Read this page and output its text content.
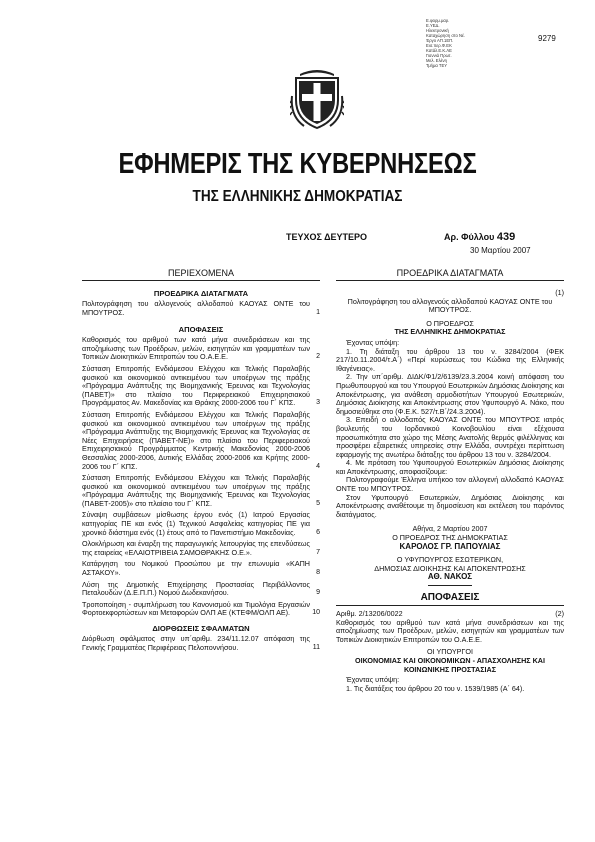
Ε.φορμ.μαρ.
Ε.ΥΕΔ.
Ηλεκτρονική
Καταχώρηση στο Νέ.
Έργο ΑΠ.1ΕΠ.
Εισ.περ.Φ.ΕΚ
Κατάλ.Ε.Κ.ΛΕ
Γιαννιά Πρωτ.
Μελ. Ελένη
Τμήμα ΤΕΥ
9279
ΕΦΗΜΕΡΙΣ ΤΗΣ ΚΥΒΕΡΝΗΣΕΩΣ
ΤΗΣ ΕΛΛΗΝΙΚΗΣ ΔΗΜΟΚΡΑΤΙΑΣ
ΤΕΥΧΟΣ ΔΕΥΤΕΡΟ	Αρ. Φύλλου 439
30 Μαρτίου 2007
ΠΕΡΙΕΧΟΜΕΝΑ
ΠΡΟΕΔΡΙΚΑ ΔΙΑΤΑΓΜΑΤΑ
Πολιτογράφηση του αλλογενούς αλλοδαπού ΚΑΟΥΑΣ ΟΝΤΕ του ΜΠΟΥΤΡΟΣ.	1
ΑΠΟΦΑΣΕΙΣ
Καθορισμός του αριθμού των κατά μήνα συνεδριάσεων και της αποζημίωσης των Προέδρων, μελών, εισηγητών και γραμματέων των Τοπικών Διοικητικών Επιτροπών του Ο.Α.Ε.Ε.	2
Σύσταση Επιτροπής Ενδιάμεσου Ελέγχου και Τελικής Παραλαβής φυσικού και οικονομικού αντικειμένου των υποέργων της πράξης «Πρόγραμμα Ανάπτυξης της Βιομηχανικής Έρευνας και Τεχνολογίας (ΠΑΒΕΤ)» στο πλαίσιο του Περιφερειακού Επιχειρησιακού Προγράμματος Αν. Μακεδονίας και Θράκης 2000-2006 του Γ΄ ΚΠΣ.	3
Σύσταση Επιτροπής Ενδιάμεσου Ελέγχου και Τελικής Παραλαβής φυσικού και οικονομικού αντικειμένου των υποέργων της πράξης «Πρόγραμμα Ανάπτυξης της Βιομηχανικής Έρευνας και Τεχνολογίας σε Νέες Επιχειρήσεις (ΠΑΒΕΤ-ΝΕ)» στο πλαίσιο του Περιφερειακού Επιχειρησιακού Προγράμματος Κεντρικής Μακεδονίας 2000-2006 Θεσσαλίας 2000-2006, Δυτικής Ελλάδας 2000-2006 και Κρήτης 2000-2006 του Γ΄ ΚΠΣ.	4
Σύσταση Επιτροπής Ενδιάμεσου Ελέγχου και Τελικής Παραλαβής φυσικού και οικονομικού αντικειμένου των υποέργων της πράξης «Πρόγραμμα Ανάπτυξης της Βιομηχανικής Έρευνας και Τεχνολογίας (ΠΑΒΕΤ-2005)» στο πλαίσιο του Γ΄ ΚΠΣ.	5
Σύναψη συμβάσεων μίσθωσης έργου ενός (1) Ιατρού Εργασίας κατηγορίας ΠΕ και ενός (1) Τεχνικού Ασφαλείας κατηγορίας ΠΕ για χρονικό διάστημα ενός (1) έτους από το Πανεπιστήμιο Μακεδονίας.	6
Ολοκλήρωση και έναρξη της παραγωγικής λειτουργίας της επενδύσεως της εταιρείας «ΕΛΑΙΟΤΡΙΒΕΙΑ ΣΑΜΟΘΡΑΚΗΣ Ο.Ε.».	7
Κατάργηση του Νομικού Προσώπου με την επωνυμία «ΚΑΠΗ ΑΣΤΑΚΟΥ».	8
Λύση της Δημοτικής Επιχείρησης Προστασίας Περιβάλλοντος Πεταλουδών (Δ.Ε.Π.Π.) Νομού Δωδεκανήσου.	9
Τροποποίηση - συμπλήρωση του Κανονισμού και Τιμολόγια Εργασιών Φορτοεκφορτώσεων και Μεταφορών ΟΛΠ ΑΕ (ΚΤΕΦΜ/ΟΛΠ ΑΕ).	10
ΔΙΟΡΘΩΣΕΙΣ ΣΦΑΛΜΑΤΩΝ
Διόρθωση σφάλματος στην υπ΄αριθμ. 234/11.12.07 απόφαση της Γενικής Γραμματέας Περιφέρειας Πελοποννήσου.	11
ΠΡΟΕΔΡΙΚΑ ΔΙΑΤΑΓΜΑΤΑ
(1)
Πολιτογράφηση του αλλογενούς αλλοδαπού ΚΑΟΥΑΣ ΟΝΤΕ του ΜΠΟΥΤΡΟΣ.
Ο ΠΡΟΕΔΡΟΣ
ΤΗΣ ΕΛΛΗΝΙΚΗΣ ΔΗΜΟΚΡΑΤΙΑΣ

Έχοντας υπόψη:

1. Τη διάταξη του άρθρου 13 του ν. 3284/2004 (ΦΕΚ 217/10.11.2004/τ.Α΄) «Περί κυρώσεως του Κώδικα της Ελληνικής Ιθαγένειας».

2. Την υπ΄αριθμ. ΔΙΔΚ/Φ1/2/6139/23.3.2004 κοινή απόφαση του Πρωθυπουργού και του Υπουργού Εσωτερικών Δημόσιας Διοίκησης και Αποκέντρωσης, για ανάθεση αρμοδιοτήτων Υπουργού Εσωτερικών, Δημόσιας Διοίκησης και Αποκέντρωσης στον Υφυπουργό Α. Νάκο, που δημοσιεύθηκε στο (Φ.Ε.Κ. 527/τ.Β΄/24.3.2004).

3. Επειδή ο αλλοδαπός ΚΑΟΥΑΣ ΟΝΤΕ του ΜΠΟΥΤΡΟΣ ιατρός βουλευτής του Ιορδανικού Κοινοβουλίου είναι εξέχουσα προσωπικότητα στο χώρο της Μέσης Ανατολής θερμός φιλέλληνας και προσφέρει εξαιρετικές υπηρεσίες στην Ελλάδα, συντρέχει περίπτωση εφαρμογής της ανωτέρω διάταξης του άρθρου 13 του ν. 3284/2004.

4. Με πρόταση του Υφυπουργού Εσωτερικών Δημόσιας Διοίκησης και Αποκέντρωσης, αποφασίζουμε:

Πολιτογραφούμε Έλληνα υπήκοο τον αλλογενή αλλοδαπό ΚΑΟΥΑΣ ΟΝΤΕ του ΜΠΟΥΤΡΟΣ.

Στον Υφυπουργό Εσωτερικών, Δημόσιας Διοίκησης και Αποκέντρωσης αναθέτουμε τη δημοσίευση και εκτέλεση του παρόντος διατάγματος.

Αθήνα, 2 Μαρτίου 2007
Ο ΠΡΟΕΔΡΟΣ ΤΗΣ ΔΗΜΟΚΡΑΤΙΑΣ
ΚΑΡΟΛΟΣ ΓΡ. ΠΑΠΟΥΛΙΑΣ
Ο ΥΦΥΠΟΥΡΓΟΣ ΕΣΩΤΕΡΙΚΩΝ,
ΔΗΜΟΣΙΑΣ ΔΙΟΙΚΗΣΗΣ ΚΑΙ ΑΠΟΚΕΝΤΡΩΣΗΣ
ΑΘ. ΝΑΚΟΣ
ΑΠΟΦΑΣΕΙΣ
Αριθμ. 2/13206/0022	(2)

Καθορισμός του αριθμού των κατά μήνα συνεδριάσεων και της αποζημίωσης των Προέδρων, μελών, εισηγητών και γραμματέων των Τοπικών Διοικητικών Επιτροπών του Ο.Α.Ε.Ε.

ΟΙ ΥΠΟΥΡΓΟΙ
ΟΙΚΟΝΟΜΙΑΣ ΚΑΙ ΟΙΚΟΝΟΜΙΚΩΝ - ΑΠΑΣΧΟΛΗΣΗΣ ΚΑΙ ΚΟΙΝΩΝΙΚΗΣ ΠΡΟΣΤΑΣΙΑΣ

Έχοντας υπόψη:

1. Τις διατάξεις του άρθρου 20 του ν. 1539/1985 (Α΄ 64).
